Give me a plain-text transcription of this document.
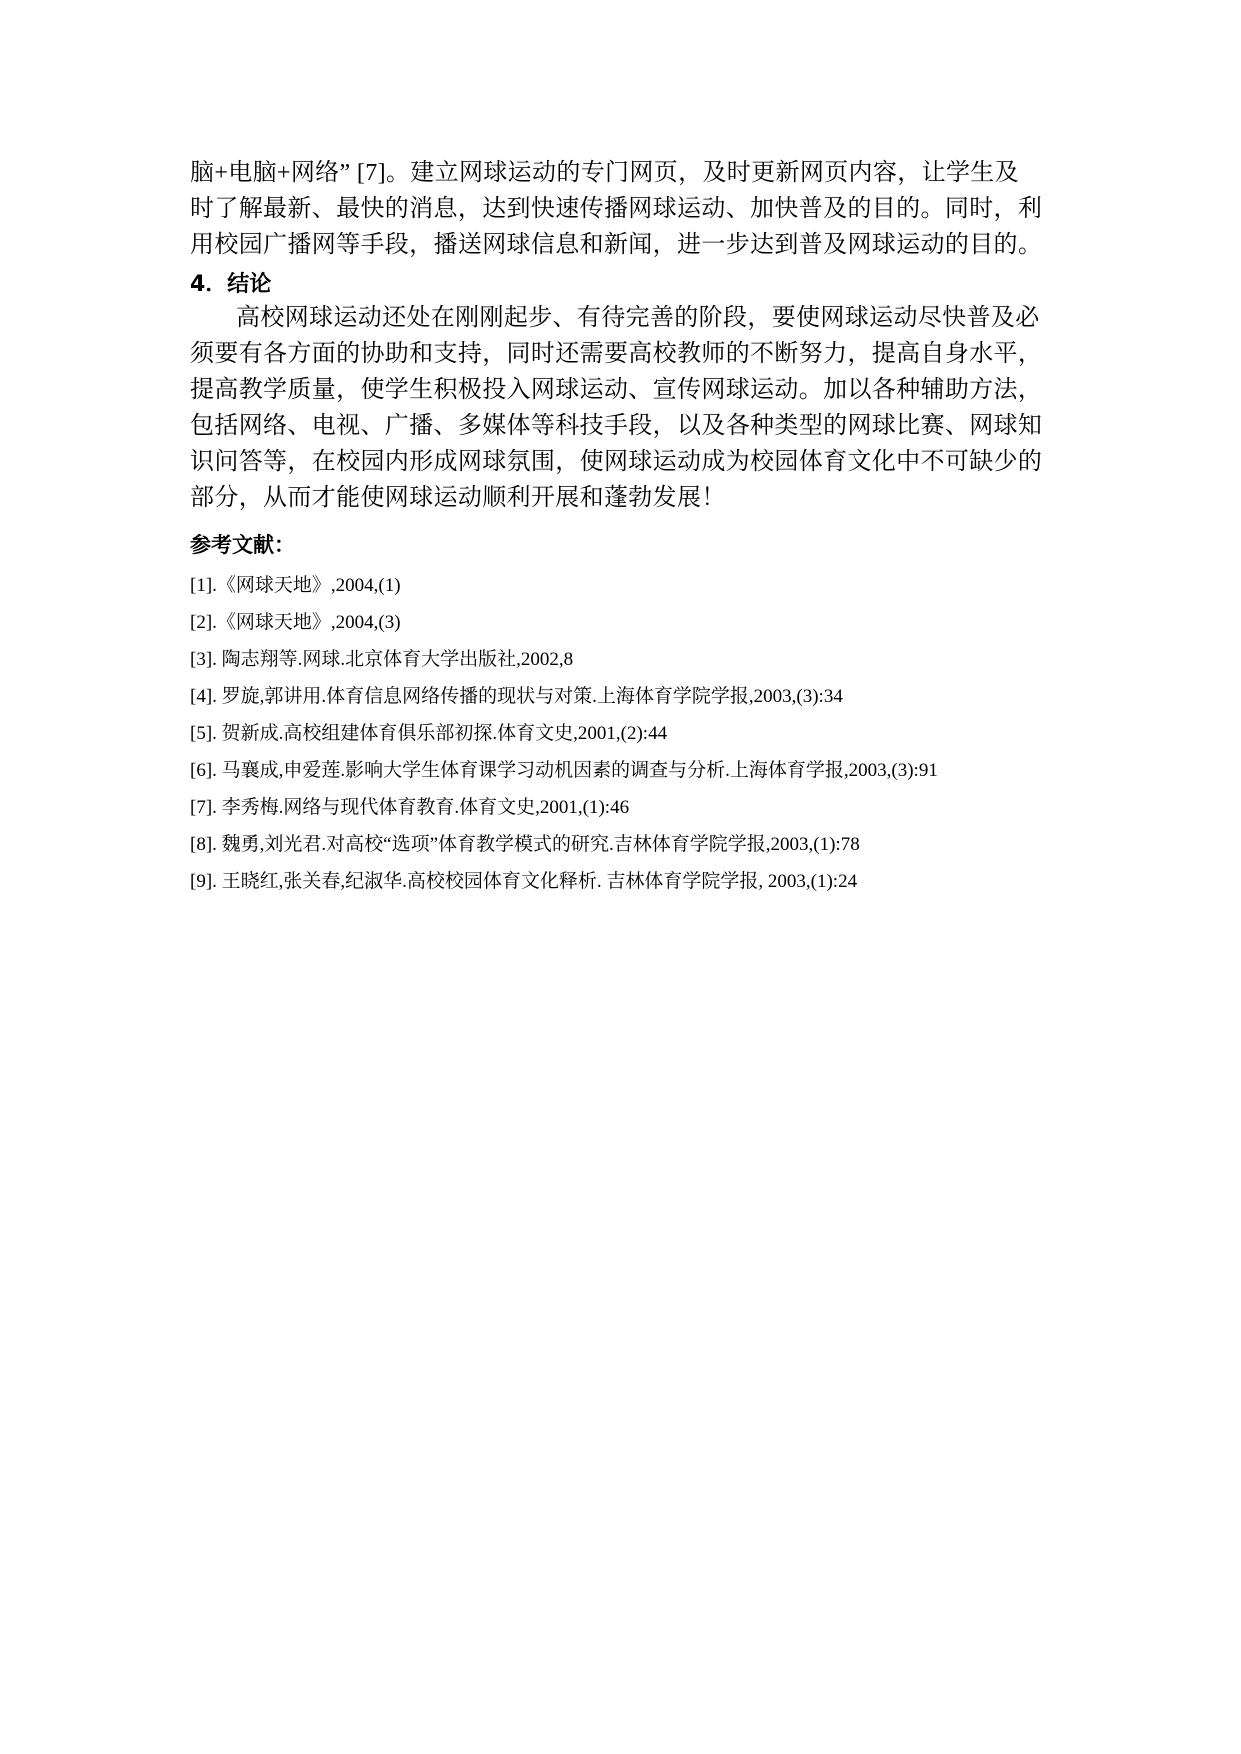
脑+电脑+网络” [7]。建立网球运动的专门网页，及时更新网页内容，让学生及
时了解最新、最快的消息，达到快速传播网球运动、加快普及的目的。同时，利
用校园广播网等手段，播送网球信息和新闻，进一步达到普及网球运动的目的。
4．结论
高校网球运动还处在刚刚起步、有待完善的阶段，要使网球运动尽快普及必
须要有各方面的协助和支持，同时还需要高校教师的不断努力，提高自身水平，
提高教学质量，使学生积极投入网球运动、宣传网球运动。加以各种辅助方法，
包括网络、电视、广播、多媒体等科技手段，以及各种类型的网球比赛、网球知
识问答等，在校园内形成网球氛围，使网球运动成为校园体育文化中不可缺少的
部分，从而才能使网球运动顺利开展和蓬勃发展！
参考文献：
[1].《网球天地》,2004,(1)
[2].《网球天地》,2004,(3)
[3]. 陶志翔等.网球.北京体育大学出版社,2002,8
[4]. 罗旋,郭讲用.体育信息网络传播的现状与对策.上海体育学院学报,2003,(3):34
[5]. 贺新成.高校组建体育俱乐部初探.体育文史,2001,(2):44
[6]. 马襄成,申爱莲.影响大学生体育课学习动机因素的调查与分析.上海体育学报,2003,(3):91
[7]. 李秀梅.网络与现代体育教育.体育文史,2001,(1):46
[8]. 魏勇,刘光君.对高校“选项”体育教学模式的研究.吉林体育学院学报,2003,(1):78
[9]. 王晓红,张关春,纪淑华.高校校园体育文化释析. 吉林体育学院学报, 2003,(1):24
